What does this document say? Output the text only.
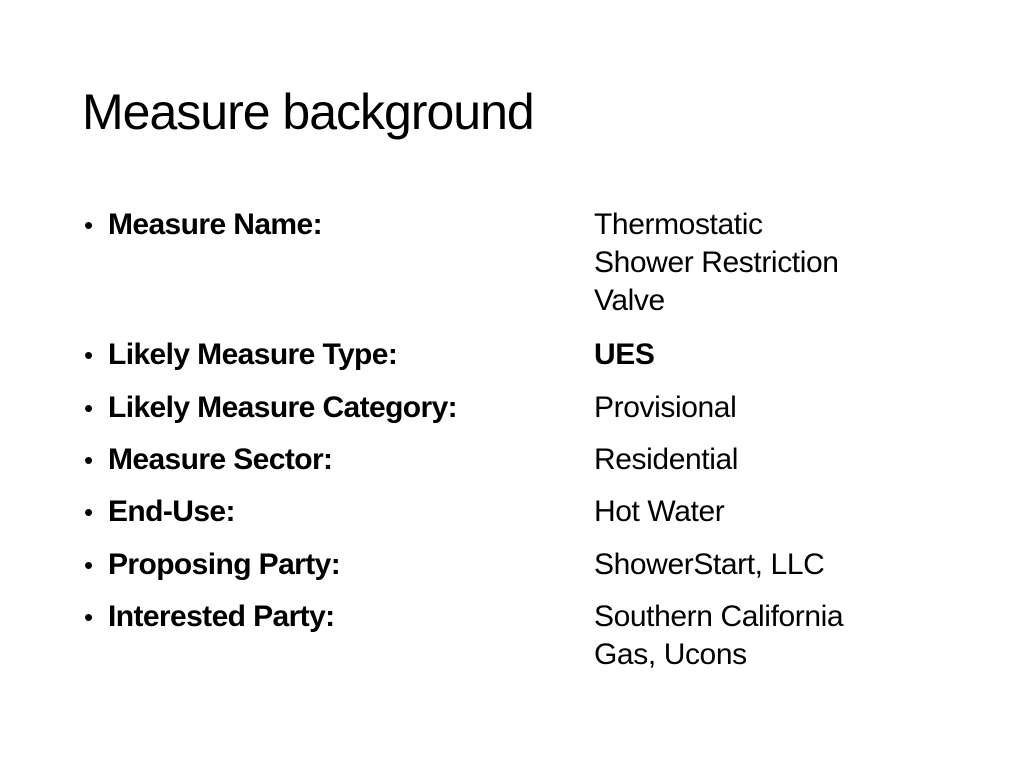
Measure background
• Measure Name:	Thermostatic
Shower Restriction
Valve
• Likely Measure Type:	UES
• Likely Measure Category:	Provisional
• Measure Sector:	Residential
• End-Use:	Hot Water
• Proposing Party:	ShowerStart, LLC
• Interested Party:	Southern California
Gas, Ucons
